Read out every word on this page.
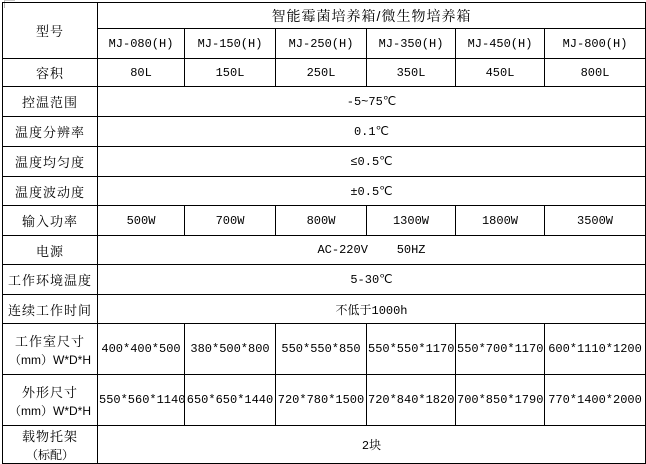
型号	智能霉菌培养箱/微生物培养箱					
	MJ-080(H)	MJ-150(H)	MJ-250(H)	MJ-350(H)	MJ-450(H)	MJ-800(H)
容积	80L	150L	250L	350L	450L	800L
控温范围	-5~75℃					
温度分辨率	0.1℃					
温度均匀度	≤0.5℃					
温度波动度	±0.5℃					
输入功率	500W	700W	800W	1300W	1800W	3500W
电源	AC-220V    50HZ					
工作环境温度	5-30℃					
连续工作时间	不低于1000h					
工作室尺寸
（mm）W*D*H	400*400*500	380*500*800	550*550*850	550*550*1170	550*700*1170	600*1110*1200
外形尺寸
（mm）W*D*H	550*560*1140	650*650*1440	720*780*1500	720*840*1820	700*850*1790	770*1400*2000
载物托架
（标配）	2块					
